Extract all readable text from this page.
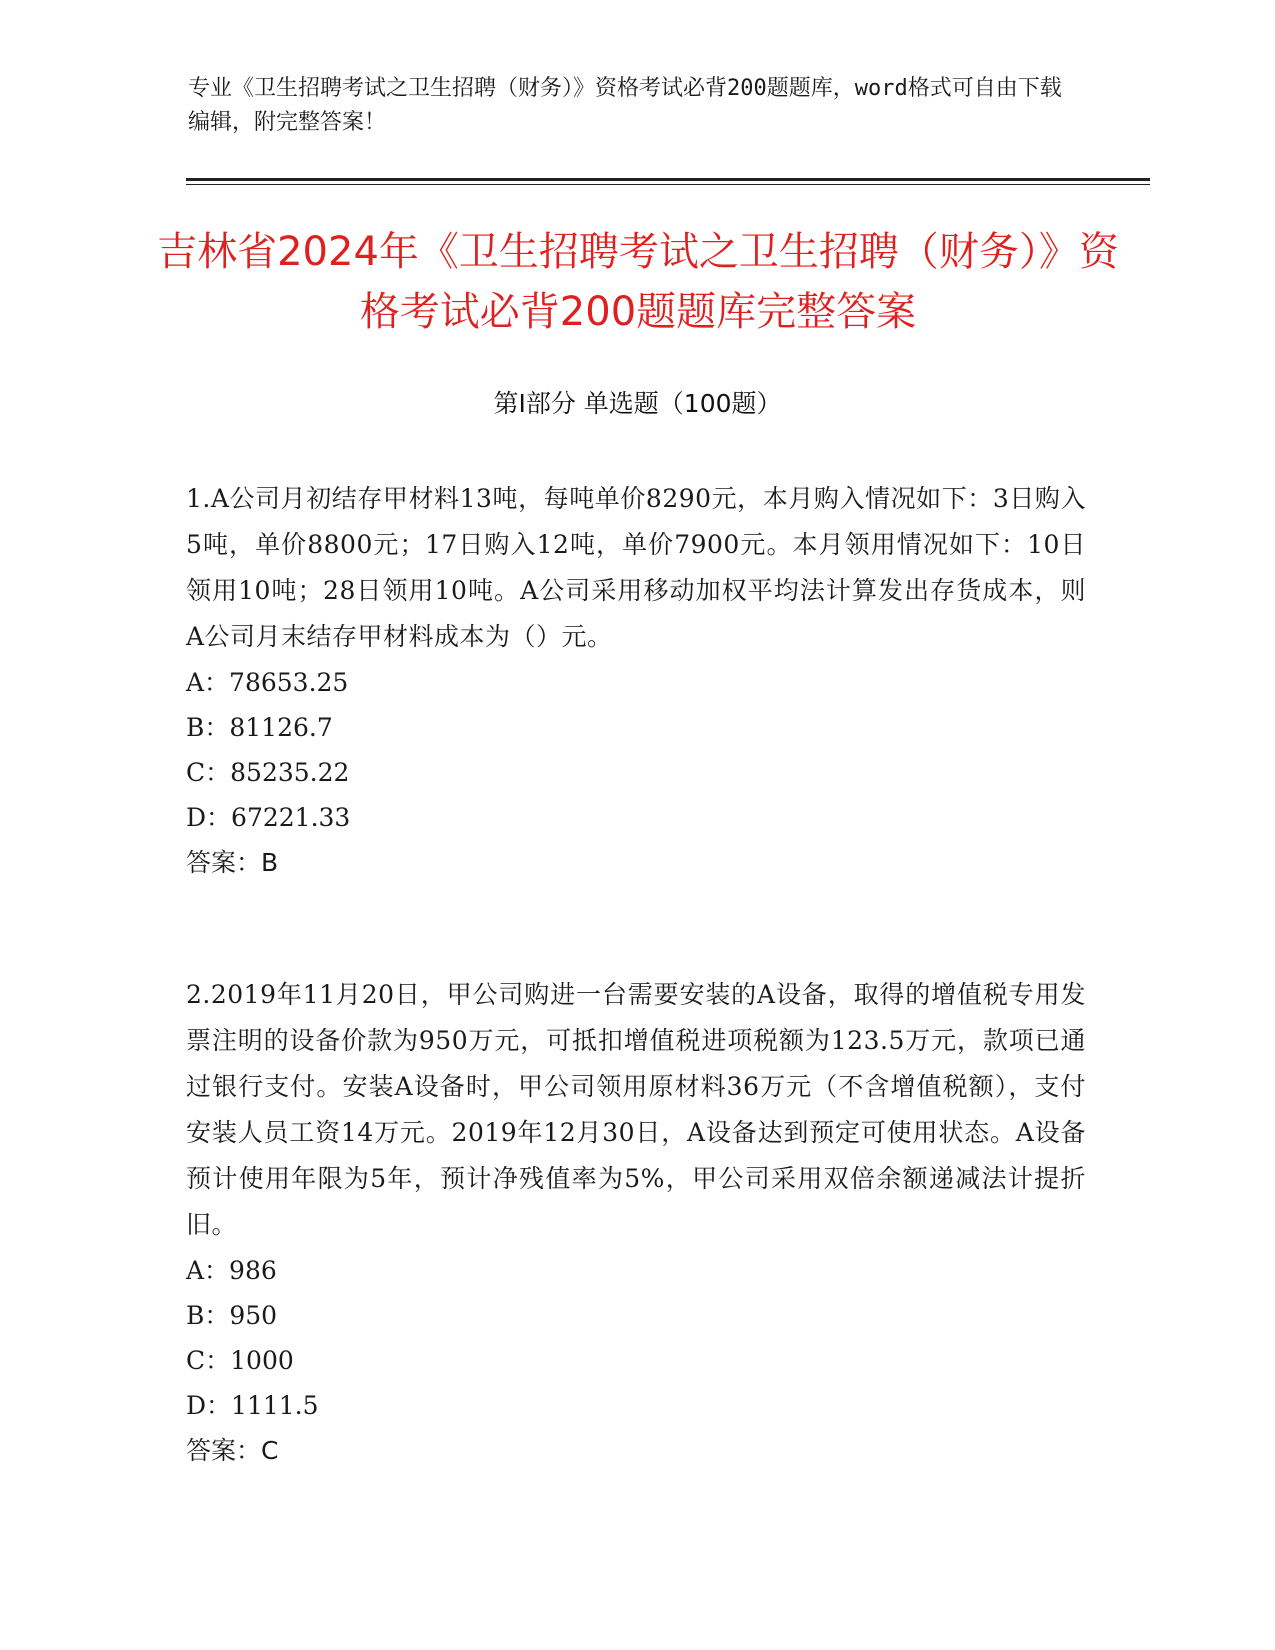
专业《卫生招聘考试之卫生招聘（财务）》资格考试必背200题题库，word格式可自由下载编辑，附完整答案！
吉林省2024年《卫生招聘考试之卫生招聘（财务）》资格考试必背200题题库完整答案
第I部分 单选题（100题）
1.A公司月初结存甲材料13吨，每吨单价8290元，本月购入情况如下：3日购入5吨，单价8800元；17日购入12吨，单价7900元。本月领用情况如下：10日领用10吨；28日领用10吨。A公司采用移动加权平均法计算发出存货成本，则A公司月末结存甲材料成本为（）元。
A：78653.25
B：81126.7
C：85235.22
D：67221.33
答案：B
2.2019年11月20日，甲公司购进一台需要安装的A设备，取得的增值税专用发票注明的设备价款为950万元，可抵扣增值税进项税额为123.5万元，款项已通过银行支付。安装A设备时，甲公司领用原材料36万元（不含增值税额），支付安装人员工资14万元。2019年12月30日，A设备达到预定可使用状态。A设备预计使用年限为5年，预计净残值率为5%，甲公司采用双倍余额递减法计提折旧。
A：986
B：950
C：1000
D：1111.5
答案：C
